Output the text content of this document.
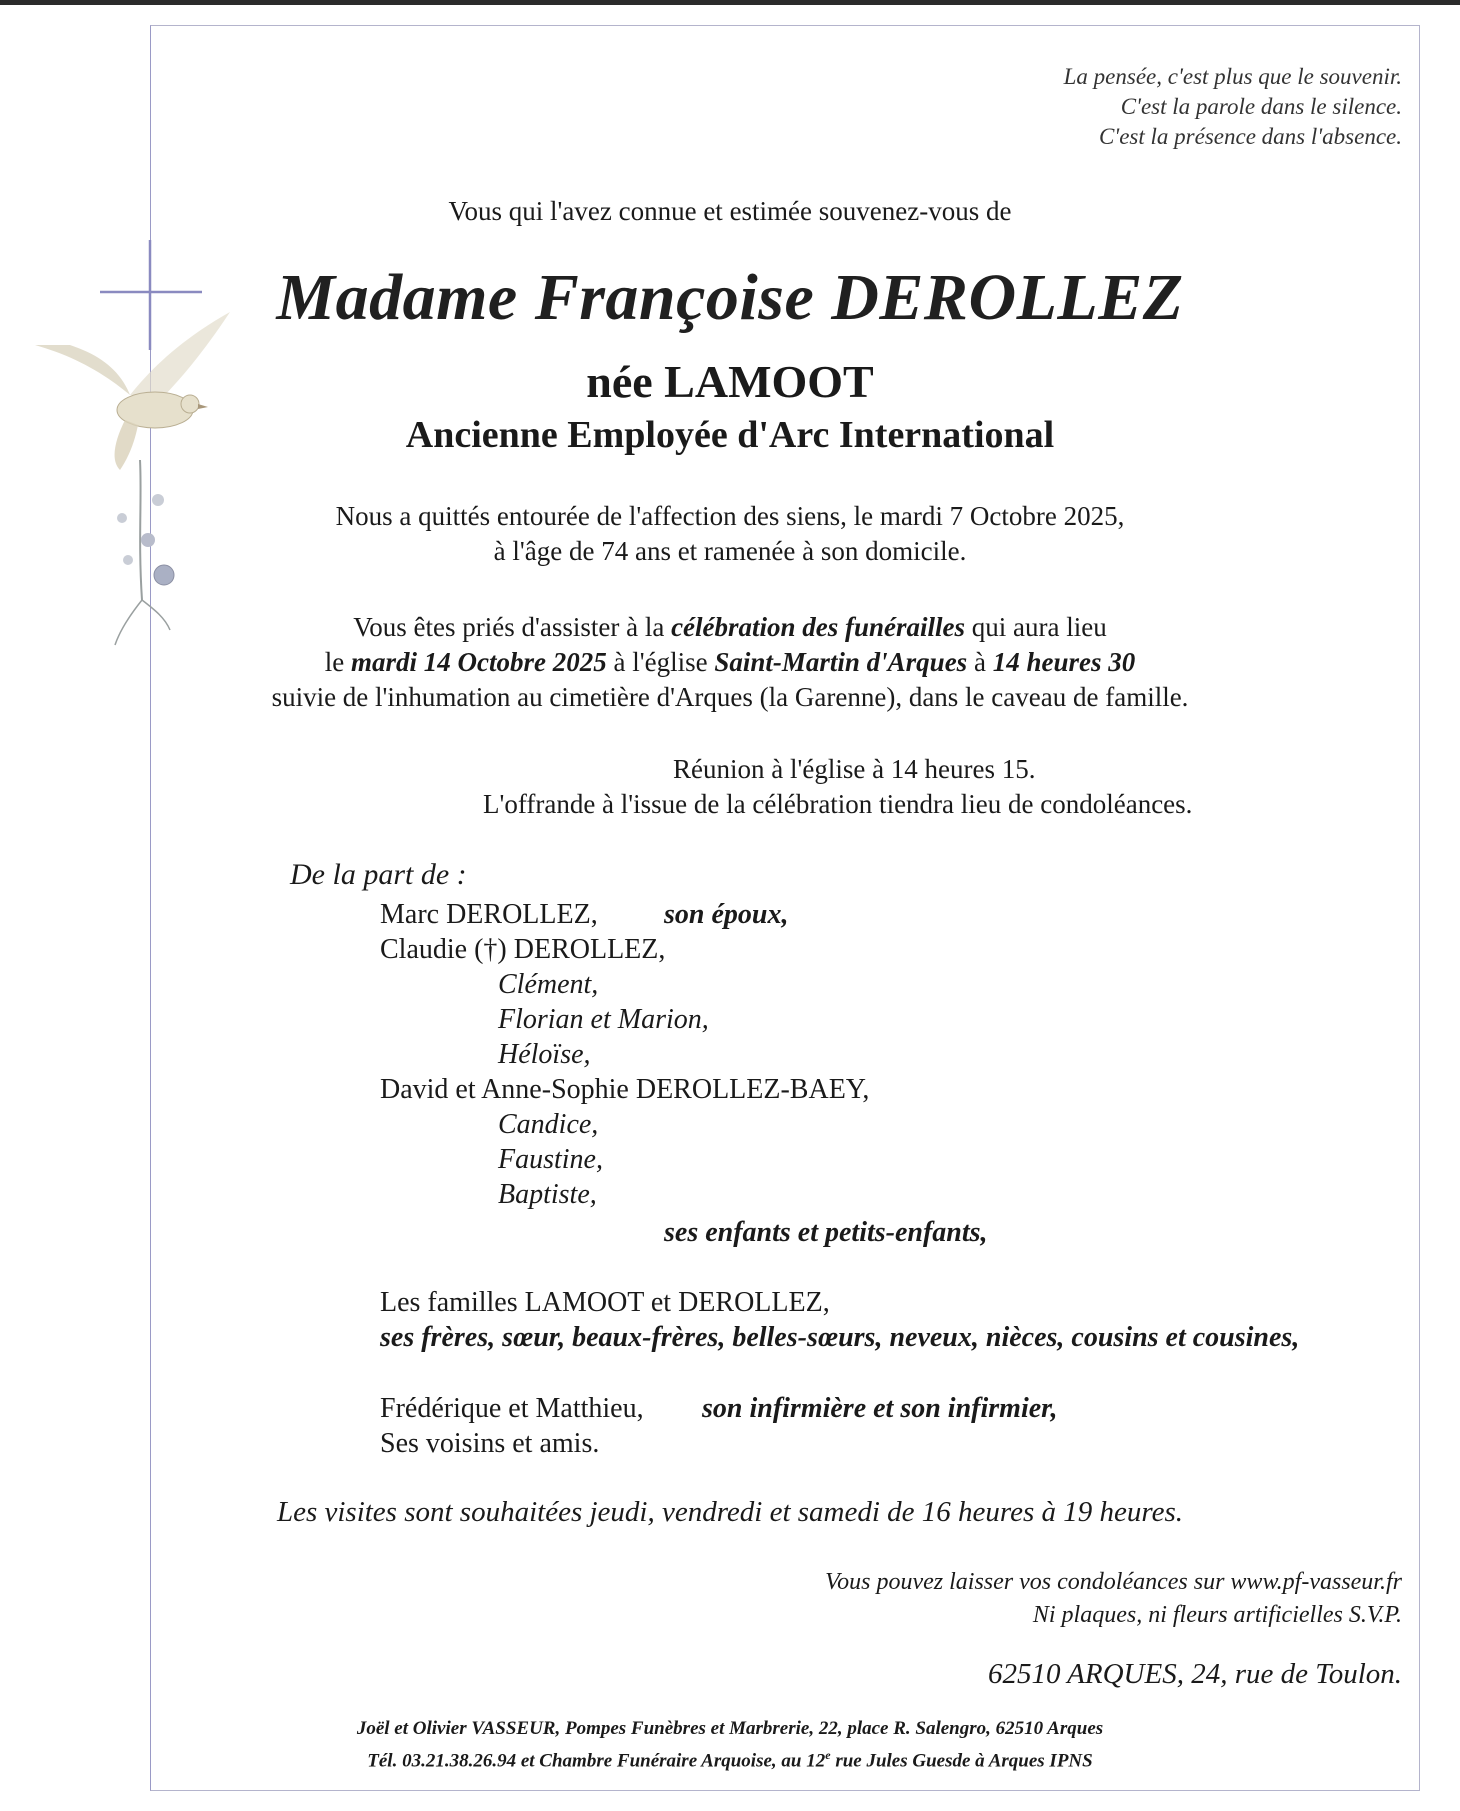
La pensée, c'est plus que le souvenir.
C'est la parole dans le silence.
C'est la présence dans l'absence.
Vous qui l'avez connue et estimée souvenez-vous de
Madame Françoise DEROLLEZ
née LAMOOT
Ancienne Employée d'Arc International
Nous a quittés entourée de l'affection des siens, le mardi 7 Octobre 2025,
à l'âge de 74 ans et ramenée à son domicile.
Vous êtes priés d'assister à la célébration des funérailles qui aura lieu
le mardi 14 Octobre 2025 à l'église Saint-Martin d'Arques à 14 heures 30
suivie de l'inhumation au cimetière d'Arques (la Garenne), dans le caveau de famille.
Réunion à l'église à 14 heures 15.
L'offrande à l'issue de la célébration tiendra lieu de condoléances.
De la part de :
Marc DEROLLEZ, son époux,
Claudie (†) DEROLLEZ,
Clément,
Florian et Marion,
Héloïse,
David et Anne-Sophie DEROLLEZ-BAEY,
Candice,
Faustine,
Baptiste,
ses enfants et petits-enfants,
Les familles LAMOOT et DEROLLEZ,
ses frères, sœur, beaux-frères, belles-sœurs, neveux, nièces, cousins et cousines,
Frédérique et Matthieu, son infirmière et son infirmier,
Ses voisins et amis.
Les visites sont souhaitées jeudi, vendredi et samedi de 16 heures à 19 heures.
Vous pouvez laisser vos condoléances sur www.pf-vasseur.fr
Ni plaques, ni fleurs artificielles S.V.P.
62510 ARQUES, 24, rue de Toulon.
Joël et Olivier VASSEUR, Pompes Funèbres et Marbrerie, 22, place R. Salengro, 62510 Arques
Tél. 03.21.38.26.94 et Chambre Funéraire Arquoise, au 12e rue Jules Guesde à Arques IPNS
